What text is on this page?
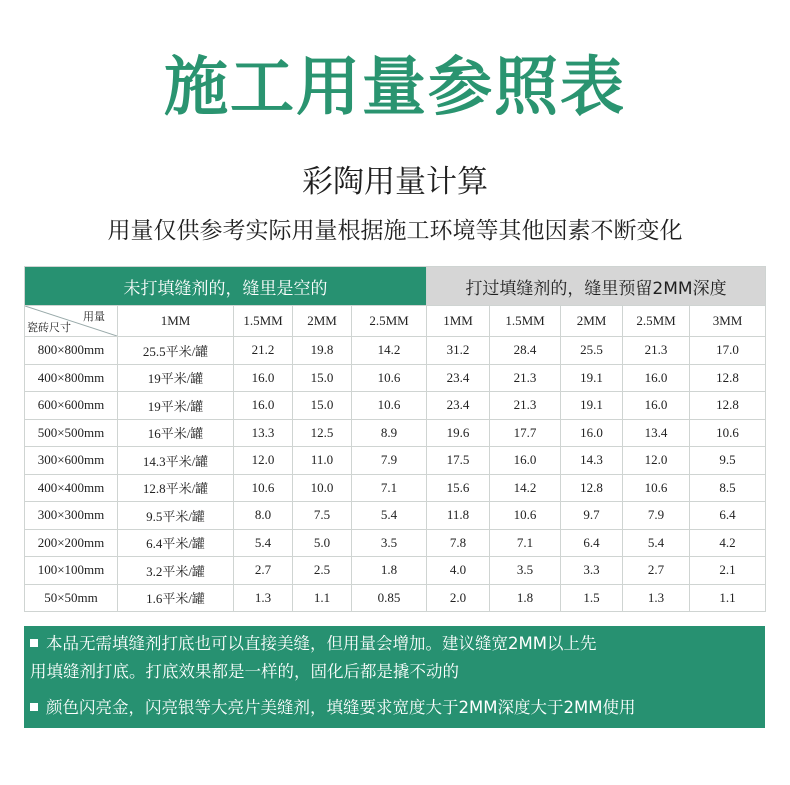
施工用量参照表
彩陶用量计算
用量仅供参考实际用量根据施工环境等其他因素不断变化
未打填缝剂的，缝里是空的					打过填缝剂的，缝里预留2MM深度				

用量
瓷砖尺寸	1MM	1.5MM	2MM	2.5MM	1MM	1.5MM	2MM	2.5MM	3MM
800×800mm	25.5平米/罐	21.2	19.8	14.2	31.2	28.4	25.5	21.3	17.0
400×800mm	19平米/罐	16.0	15.0	10.6	23.4	21.3	19.1	16.0	12.8
600×600mm	19平米/罐	16.0	15.0	10.6	23.4	21.3	19.1	16.0	12.8
500×500mm	16平米/罐	13.3	12.5	8.9	19.6	17.7	16.0	13.4	10.6
300×600mm	14.3平米/罐	12.0	11.0	7.9	17.5	16.0	14.3	12.0	9.5
400×400mm	12.8平米/罐	10.6	10.0	7.1	15.6	14.2	12.8	10.6	8.5
300×300mm	9.5平米/罐	8.0	7.5	5.4	11.8	10.6	9.7	7.9	6.4
200×200mm	6.4平米/罐	5.4	5.0	3.5	7.8	7.1	6.4	5.4	4.2
100×100mm	3.2平米/罐	2.7	2.5	1.8	4.0	3.5	3.3	2.7	2.1
50×50mm	1.6平米/罐	1.3	1.1	0.85	2.0	1.8	1.5	1.3	1.1
本品无需填缝剂打底也可以直接美缝，但用量会增加。建议缝宽2MM以上先
用填缝剂打底。打底效果都是一样的，固化后都是撬不动的
颜色闪亮金，闪亮银等大亮片美缝剂，填缝要求宽度大于2MM深度大于2MM使用
